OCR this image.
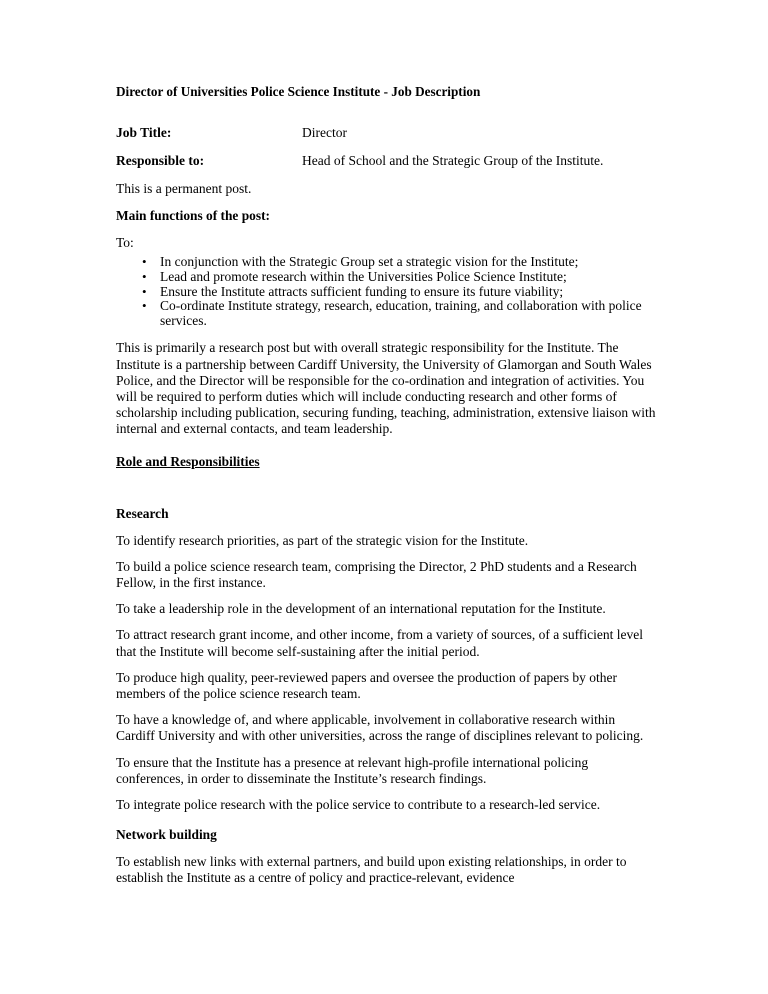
Director of Universities Police Science Institute - Job Description
Job Title:	Director
Responsible to:	Head of School and the Strategic Group of the Institute.
This is a permanent post.
Main functions of the post:
To:
• In conjunction with the Strategic Group set a strategic vision for the Institute;
• Lead and promote research within the Universities Police Science Institute;
• Ensure the Institute attracts sufficient funding to ensure its future viability;
• Co-ordinate Institute strategy, research, education, training, and collaboration with police services.
This is primarily a research post but with overall strategic responsibility for the Institute. The Institute is a partnership between Cardiff University, the University of Glamorgan and South Wales Police, and the Director will be responsible for the co-ordination and integration of activities. You will be required to perform duties which will include conducting research and other forms of scholarship including publication, securing funding, teaching, administration, extensive liaison with internal and external contacts, and team leadership.
Role and Responsibilities
Research
To identify research priorities, as part of the strategic vision for the Institute.
To build a police science research team, comprising the Director, 2 PhD students and a Research Fellow, in the first instance.
To take a leadership role in the development of an international reputation for the Institute.
To attract research grant income, and other income, from a variety of sources, of a sufficient level that the Institute will become self-sustaining after the initial period.
To produce high quality, peer-reviewed papers and oversee the production of papers by other members of the police science research team.
To have a knowledge of, and where applicable, involvement in collaborative research within Cardiff University and with other universities, across the range of disciplines relevant to policing.
To ensure that the Institute has a presence at relevant high-profile international policing conferences, in order to disseminate the Institute’s research findings.
To integrate police research with the police service to contribute to a research-led service.
Network building
To establish new links with external partners, and build upon existing relationships, in order to establish the Institute as a centre of policy and practice-relevant, evidence
